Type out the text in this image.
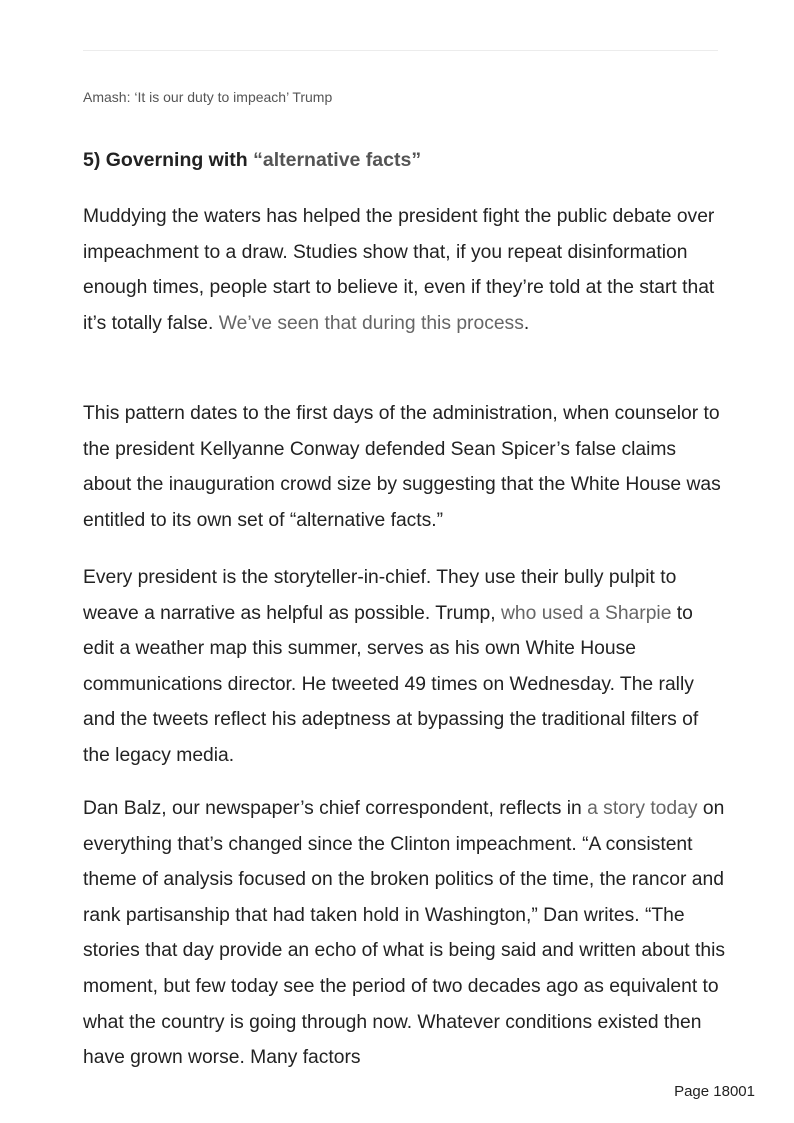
Amash: ‘It is our duty to impeach’ Trump
5) Governing with “alternative facts”

Muddying the waters has helped the president fight the public debate over impeachment to a draw. Studies show that, if you repeat disinformation enough times, people start to believe it, even if they’re told at the start that it’s totally false. We’ve seen that during this process.

This pattern dates to the first days of the administration, when counselor to the president Kellyanne Conway defended Sean Spicer’s false claims about the inauguration crowd size by suggesting that the White House was entitled to its own set of “alternative facts.”

Every president is the storyteller-in-chief. They use their bully pulpit to weave a narrative as helpful as possible. Trump, who used a Sharpie to edit a weather map this summer, serves as his own White House communications director. He tweeted 49 times on Wednesday. The rally and the tweets reflect his adeptness at bypassing the traditional filters of the legacy media.

Dan Balz, our newspaper’s chief correspondent, reflects in a story today on everything that’s changed since the Clinton impeachment. “A consistent theme of analysis focused on the broken politics of the time, the rancor and rank partisanship that had taken hold in Washington,” Dan writes. “The stories that day provide an echo of what is being said and written about this moment, but few today see the period of two decades ago as equivalent to what the country is going through now. Whatever conditions existed then have grown worse. Many factors

Page 18001
